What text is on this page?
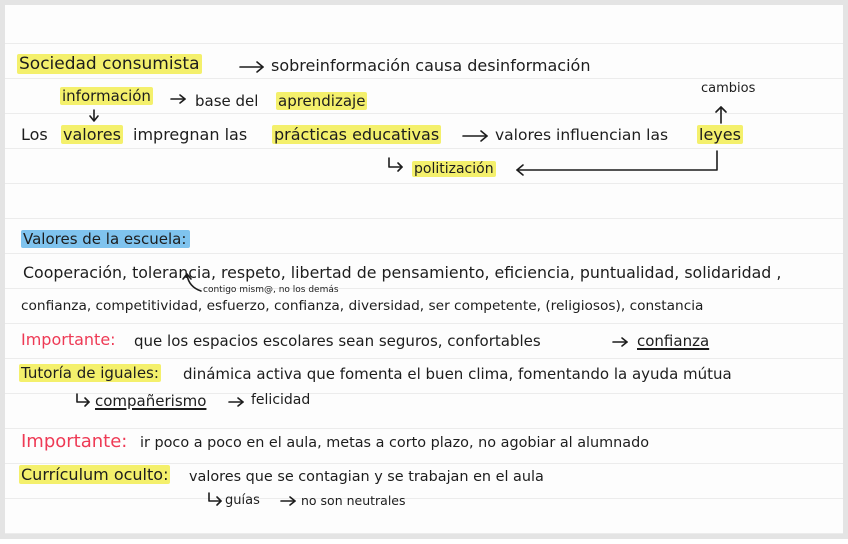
Sociedad consumista	sobreinformación causa desinformación
información	base del aprendizaje
cambios
Los valores impregnan las prácticas educativas	valores influencian las leyes
politización
Valores de la escuela:
Cooperación, tolerancia, respeto, libertad de pensamiento, eficiencia, puntualidad, solidaridad ,
contigo mism@, no los demás
confianza, competitividad, esfuerzo, confianza, diversidad, ser competente, (religiosos), constancia
Importante: que los espacios escolares sean seguros, confortables	confianza
Tutoría de iguales: dinámica activa que fomenta el buen clima, fomentando la ayuda mútua
compañerismo	felicidad
Importante: ir poco a poco en el aula, metas a corto plazo, no agobiar al alumnado
Currículum oculto: valores que se contagian y se trabajan en el aula
guías	no son neutrales
